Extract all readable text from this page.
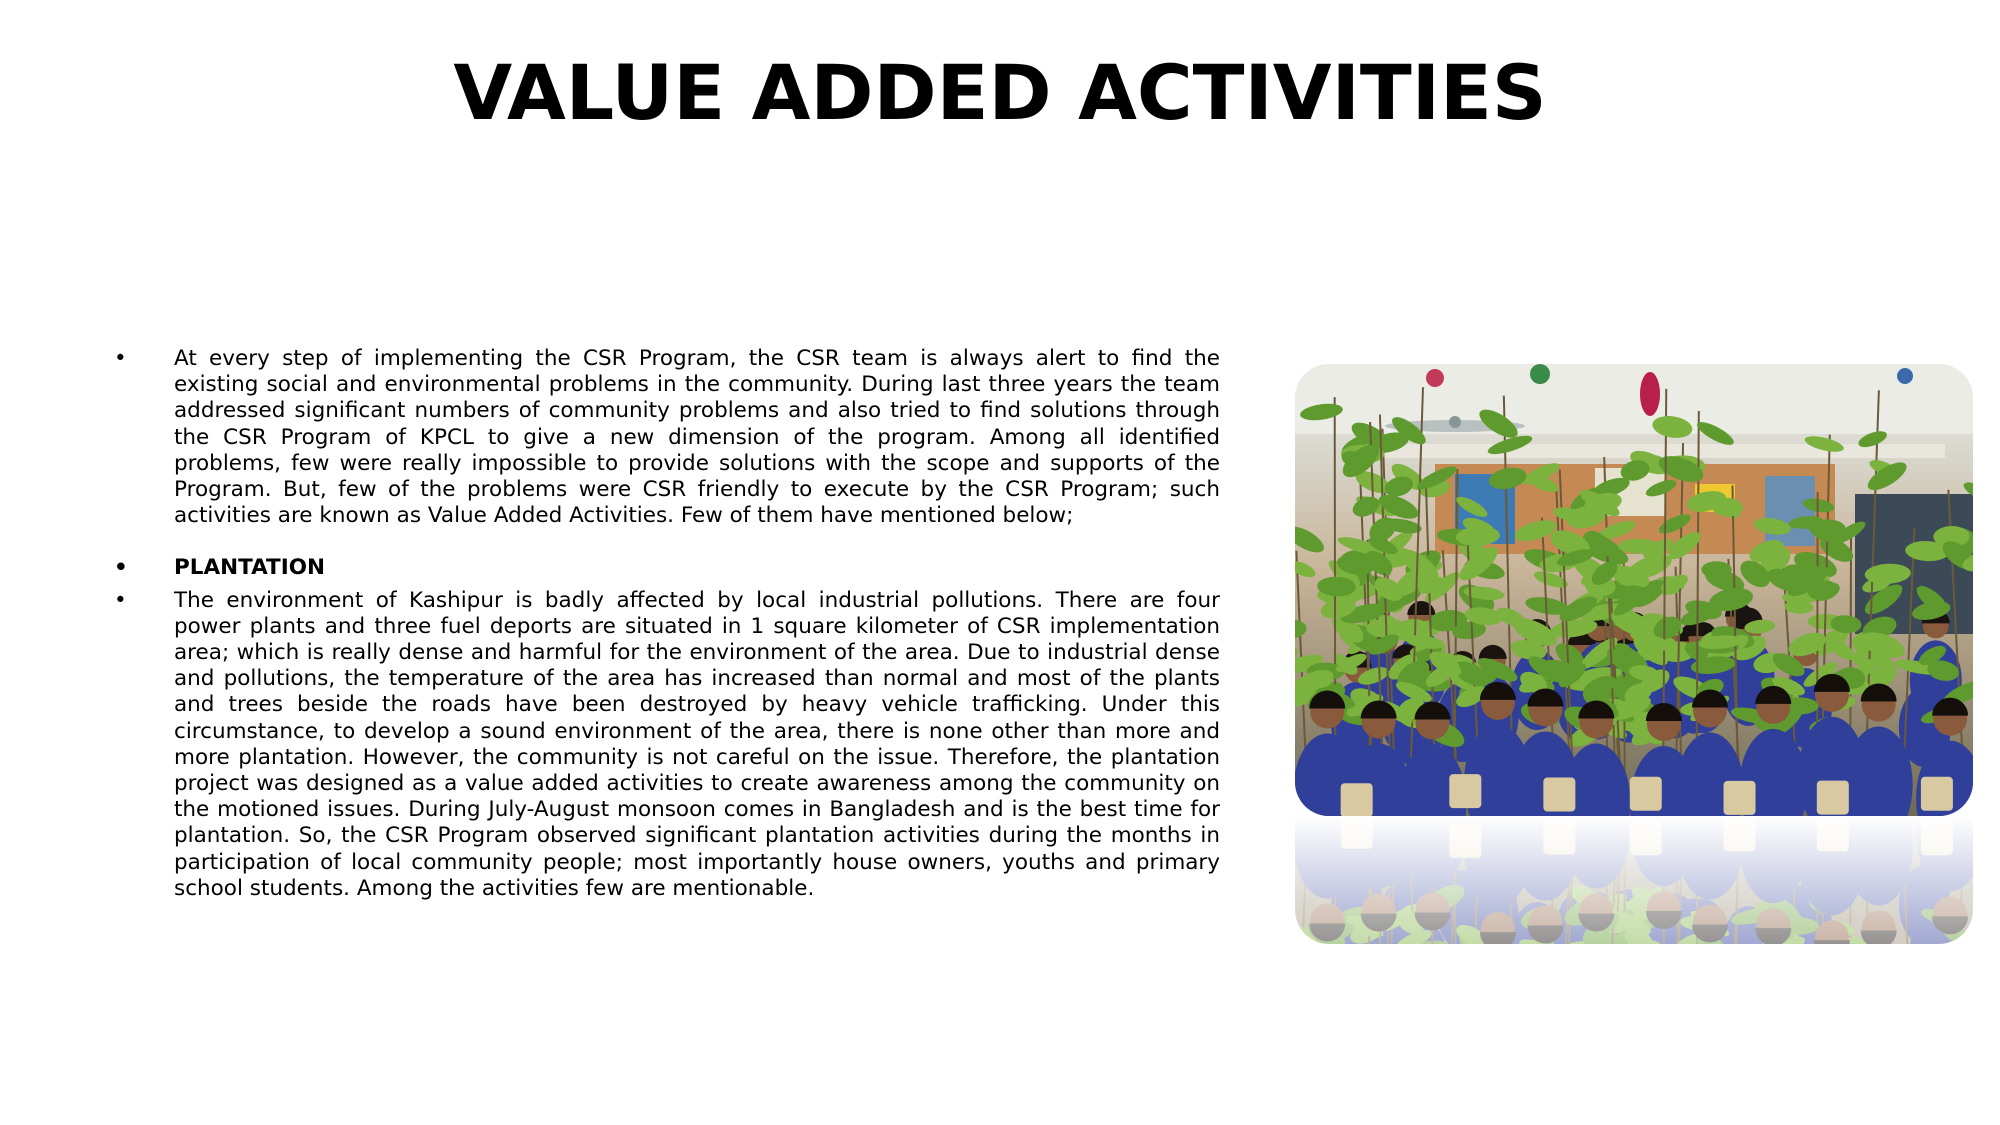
VALUE ADDED ACTIVITIES
•	At every step of implementing the CSR Program, the CSR team is always alert to find the existing social and environmental problems in the community. During last three years the team addressed significant numbers of community problems and also tried to find solutions through the CSR Program of KPCL to give a new dimension of the program. Among all identified problems, few were really impossible to provide solutions with the scope and supports of the Program. But, few of the problems were CSR friendly to execute by the CSR Program; such activities are known as Value Added Activities. Few of them have mentioned below;
•	PLANTATION
•	The environment of Kashipur is badly affected by local industrial pollutions. There are four power plants and three fuel deports are situated in 1 square kilometer of CSR implementation area; which is really dense and harmful for the environment of the area. Due to industrial dense and pollutions, the temperature of the area has increased than normal and most of the plants and trees beside the roads have been destroyed by heavy vehicle trafficking. Under this circumstance, to develop a sound environment of the area, there is none other than more and more plantation. However, the community is not careful on the issue. Therefore, the plantation project was designed as a value added activities to create awareness among the community on the motioned issues. During July-August monsoon comes in Bangladesh and is the best time for plantation. So, the CSR Program observed significant plantation activities during the months in participation of local community people; most importantly house owners, youths and primary school students. Among the activities few are mentionable.
